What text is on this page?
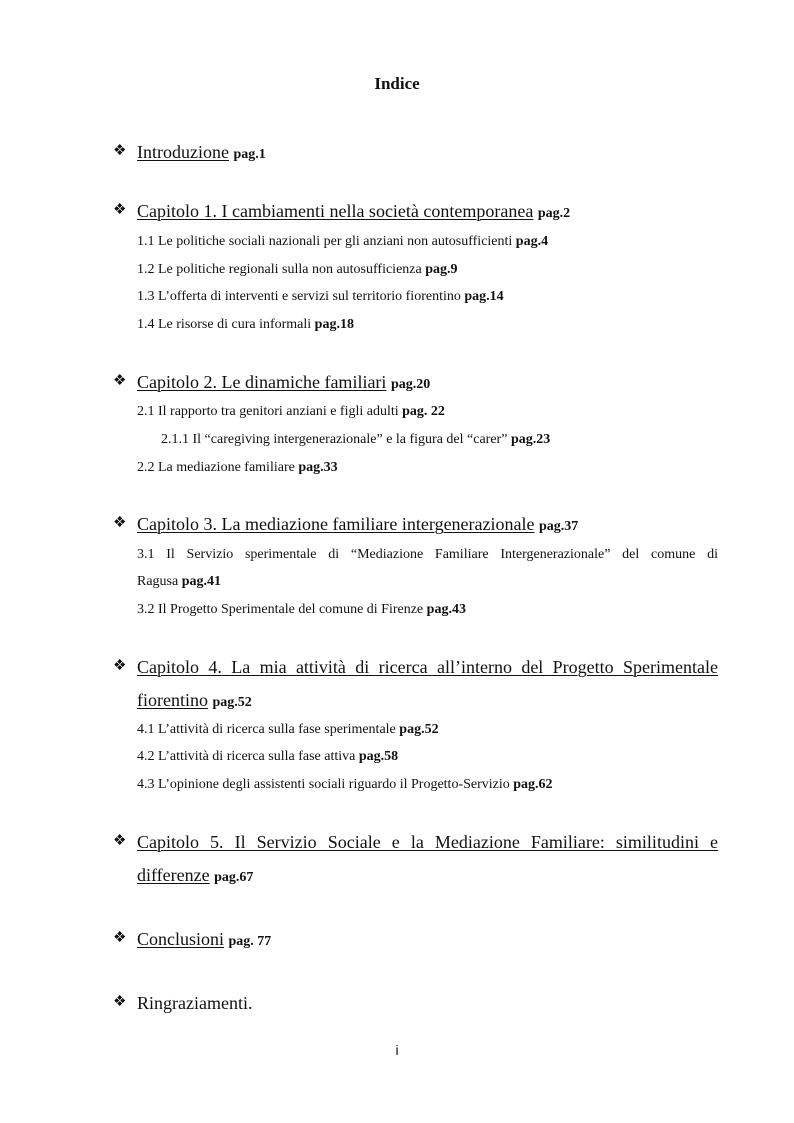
Indice
❖ Introduzione pag.1
❖ Capitolo 1. I cambiamenti nella società contemporanea pag.2
1.1 Le politiche sociali nazionali per gli anziani non autosufficienti pag.4
1.2 Le politiche regionali sulla non autosufficienza pag.9
1.3 L’offerta di interventi e servizi sul territorio fiorentino pag.14
1.4 Le risorse di cura informali pag.18
❖ Capitolo 2. Le dinamiche familiari pag.20
2.1 Il rapporto tra genitori anziani e figli adulti pag. 22
2.1.1 Il “caregiving intergenerazionale” e la figura del “carer” pag.23
2.2 La mediazione familiare pag.33
❖ Capitolo 3. La mediazione familiare intergenerazionale pag.37
3.1 Il Servizio sperimentale di “Mediazione Familiare Intergenerazionale” del comune di
Ragusa pag.41
3.2 Il Progetto Sperimentale del comune di Firenze pag.43
❖ Capitolo 4. La mia attività di ricerca all’interno del Progetto Sperimentale
fiorentino pag.52
4.1 L’attività di ricerca sulla fase sperimentale pag.52
4.2 L’attività di ricerca sulla fase attiva pag.58
4.3 L’opinione degli assistenti sociali riguardo il Progetto-Servizio pag.62
❖ Capitolo 5. Il Servizio Sociale e la Mediazione Familiare: similitudini e
differenze pag.67
❖ Conclusioni pag. 77
❖ Ringraziamenti.
i
